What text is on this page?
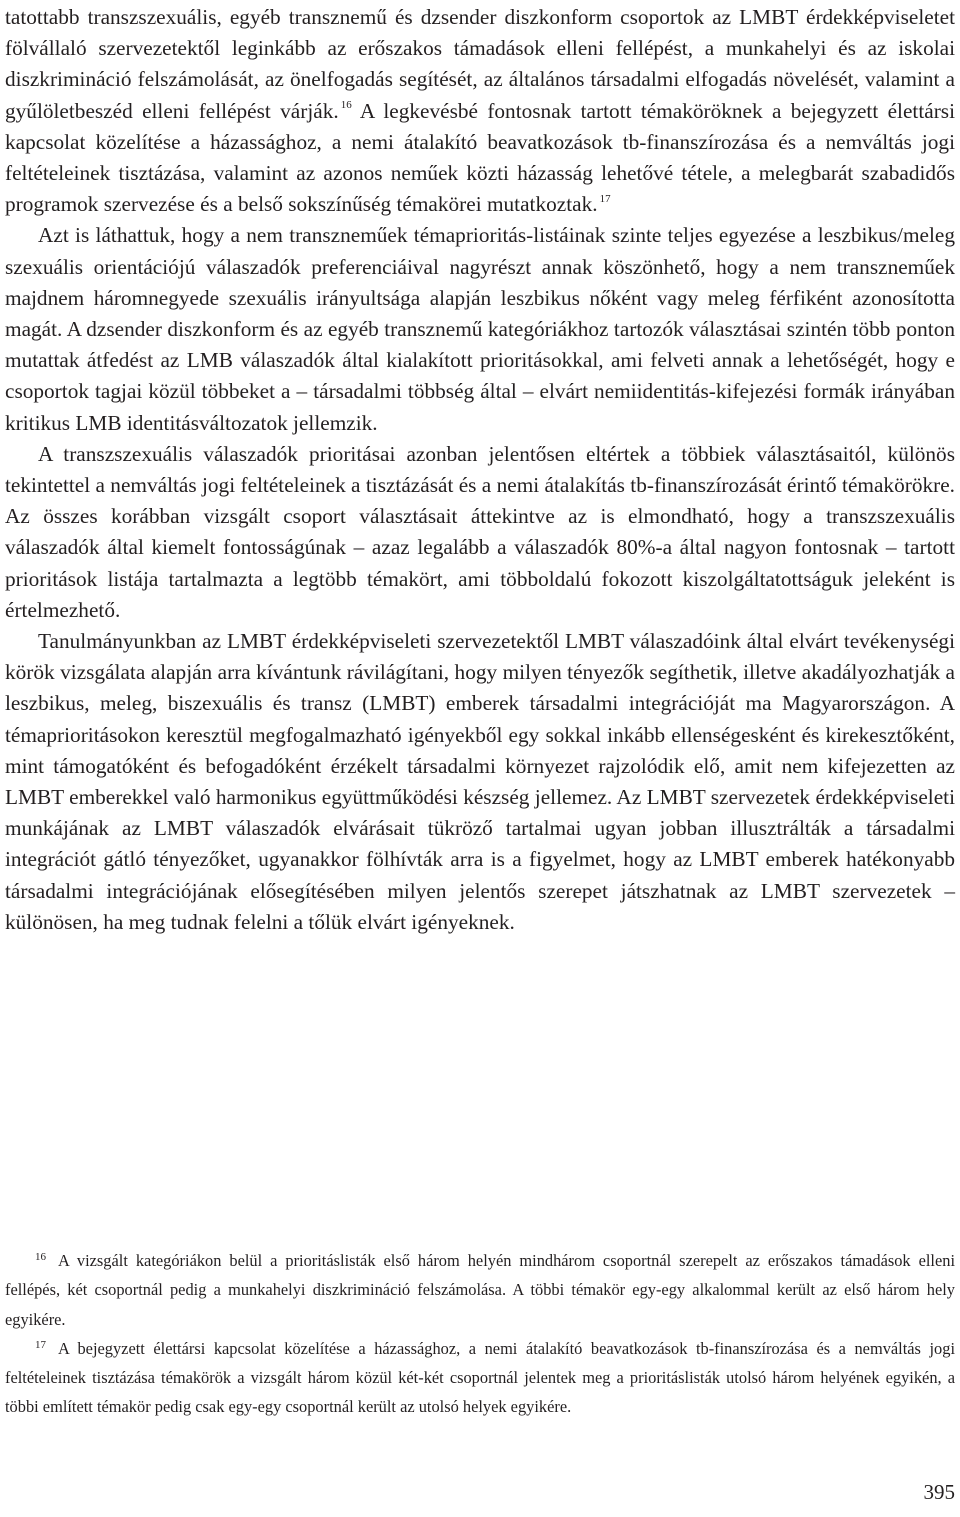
tatottabb transzszexuális, egyéb transznemű és dzsender diszkonform csoportok az LMBT érdekképviseletet fölvállaló szervezetektől leginkább az erőszakos támadások elleni fellépést, a munkahelyi és az iskolai diszkrimináció felszámolását, az önelfogadás segítését, az általános társadalmi elfogadás növelését, valamint a gyűlöletbeszéd elleni fellépést várják. $^{16}$ A legkevésbé fontosnak tartott témaköröknek a bejegyzett élettársi kapcsolat közelítése a házassághoz, a nemi átalakító beavatkozások tb-finanszírozása és a nemváltás jogi feltételeinek tisztázása, valamint az azonos neműek közti házasság lehetővé tétele, a melegbarát szabadidős programok szervezése és a belső sokszínűség témakörei mutatkoztak. $^{17}$

Azt is láthattuk, hogy a nem transzneműek témaprioritás-listáinak szinte teljes egyezése a leszbikus/meleg szexuális orientációjú válaszadók preferenciáival nagyrészt annak köszönhető, hogy a nem transzneműek majdnem háromnegyede szexuális irányultsága alapján leszbikus nőként vagy meleg férfiként azonosította magát. A dzsender diszkonform és az egyéb transznemű kategóriákhoz tartozók választásai szintén több ponton mutattak átfedést az LMB válaszadók által kialakított prioritásokkal, ami felveti annak a lehetőségét, hogy e csoportok tagjai közül többeket a – társadalmi többség által – elvárt nemiidentitás-kifejezési formák irányában kritikus LMB identitásváltozatok jellemzik.

A transzszexuális válaszadók prioritásai azonban jelentősen eltértek a többiek választásaitól, különös tekintettel a nemváltás jogi feltételeinek a tisztázását és a nemi átalakítás tb-finanszírozását érintő témakörökre. Az összes korábban vizsgált csoport választásait áttekintve az is elmondható, hogy a transzszexuális válaszadók által kiemelt fontosságúnak – azaz legalább a válaszadók 80%-a által nagyon fontosnak – tartott prioritások listája tartalmazta a legtöbb témakört, ami többoldalú fokozott kiszolgáltatottságuk jeleként is értelmezhető.

Tanulmányunkban az LMBT érdekképviseleti szervezetektől LMBT válaszadóink által elvárt tevékenységi körök vizsgálata alapján arra kívántunk rávilágítani, hogy milyen tényezők segíthetik, illetve akadályozhatják a leszbikus, meleg, biszexuális és transz (LMBT) emberek társadalmi integrációját ma Magyarországon. A témaprioritásokon keresztül megfogalmazható igényekből egy sokkal inkább ellenségesként és kirekesztőként, mint támogatóként és befogadóként érzékelt társadalmi környezet rajzolódik elő, amit nem kifejezetten az LMBT emberekkel való harmonikus együttműködési készség jellemez. Az LMBT szervezetek érdekképviseleti munkájának az LMBT válaszadók elvárásait tükröző tartalmai ugyan jobban illusztrálták a társadalmi integrációt gátló tényezőket, ugyanakkor fölhívták arra is a figyelmet, hogy az LMBT emberek hatékonyabb társadalmi integrációjának elősegítésében milyen jelentős szerepet játszhatnak az LMBT szervezetek – különösen, ha meg tudnak felelni a tőlük elvárt igényeknek.

16 A vizsgált kategóriákon belül a prioritáslisták első három helyén mindhárom csoportnál szerepelt az erőszakos támadások elleni fellépés, két csoportnál pedig a munkahelyi diszkrimináció felszámolása. A többi témakör egy-egy alkalommal került az első három hely egyikére.

17 A bejegyzett élettársi kapcsolat közelítése a házassághoz, a nemi átalakító beavatkozások tb-finanszírozása és a nemváltás jogi feltételeinek tisztázása témakörök a vizsgált három közül két-két csoportnál jelentek meg a prioritáslisták utolsó három helyének egyikén, a többi említett témakör pedig csak egy-egy csoportnál került az utolsó helyek egyikére.

395
